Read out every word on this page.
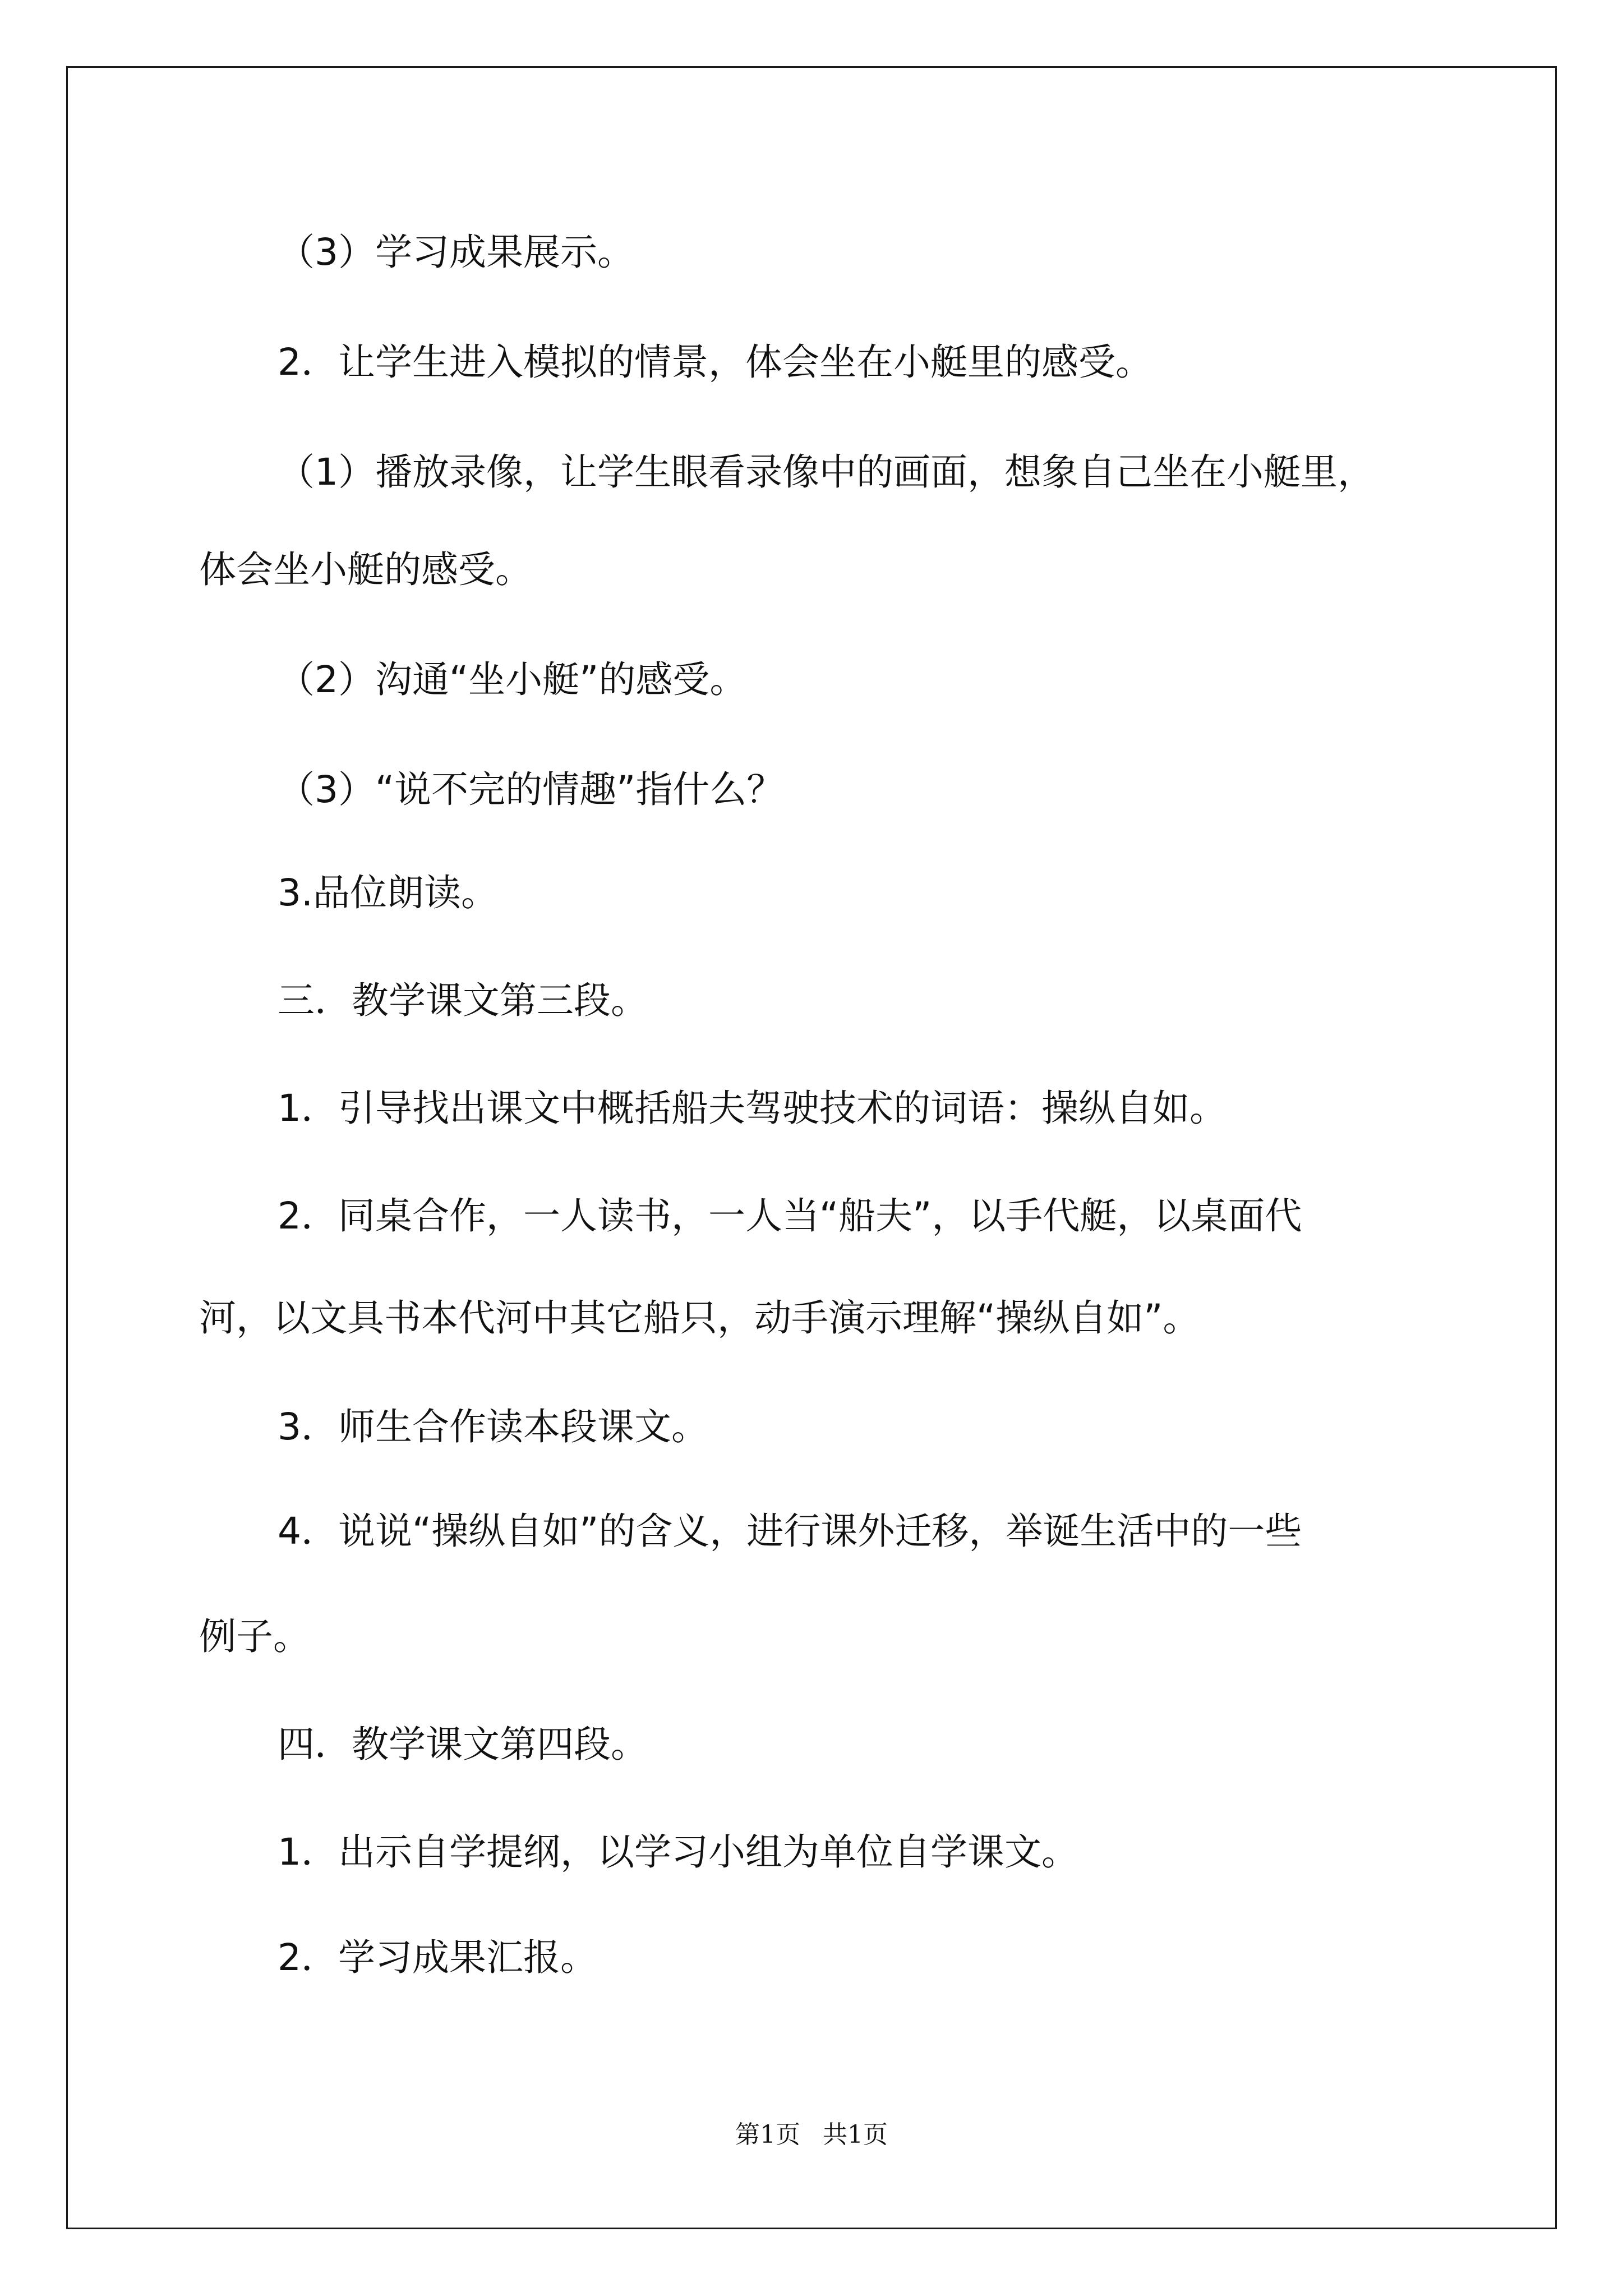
（3）学习成果展示。

2．让学生进入模拟的情景，体会坐在小艇里的感受。

（1）播放录像，让学生眼看录像中的画面，想象自己坐在小艇里，

体会坐小艇的感受。

（2）沟通“坐小艇”的感受。

（3）“说不完的情趣”指什么？

3.品位朗读。

三．教学课文第三段。

1．引导找出课文中概括船夫驾驶技术的词语：操纵自如。

2．同桌合作，一人读书，一人当“船夫”，以手代艇，以桌面代

河，以文具书本代河中其它船只，动手演示理解“操纵自如”。

3．师生合作读本段课文。

4．说说“操纵自如”的含义，进行课外迁移，举诞生活中的一些

例子。

四．教学课文第四段。

1．出示自学提纲，以学习小组为单位自学课文。

2．学习成果汇报。

第1页 共1页
